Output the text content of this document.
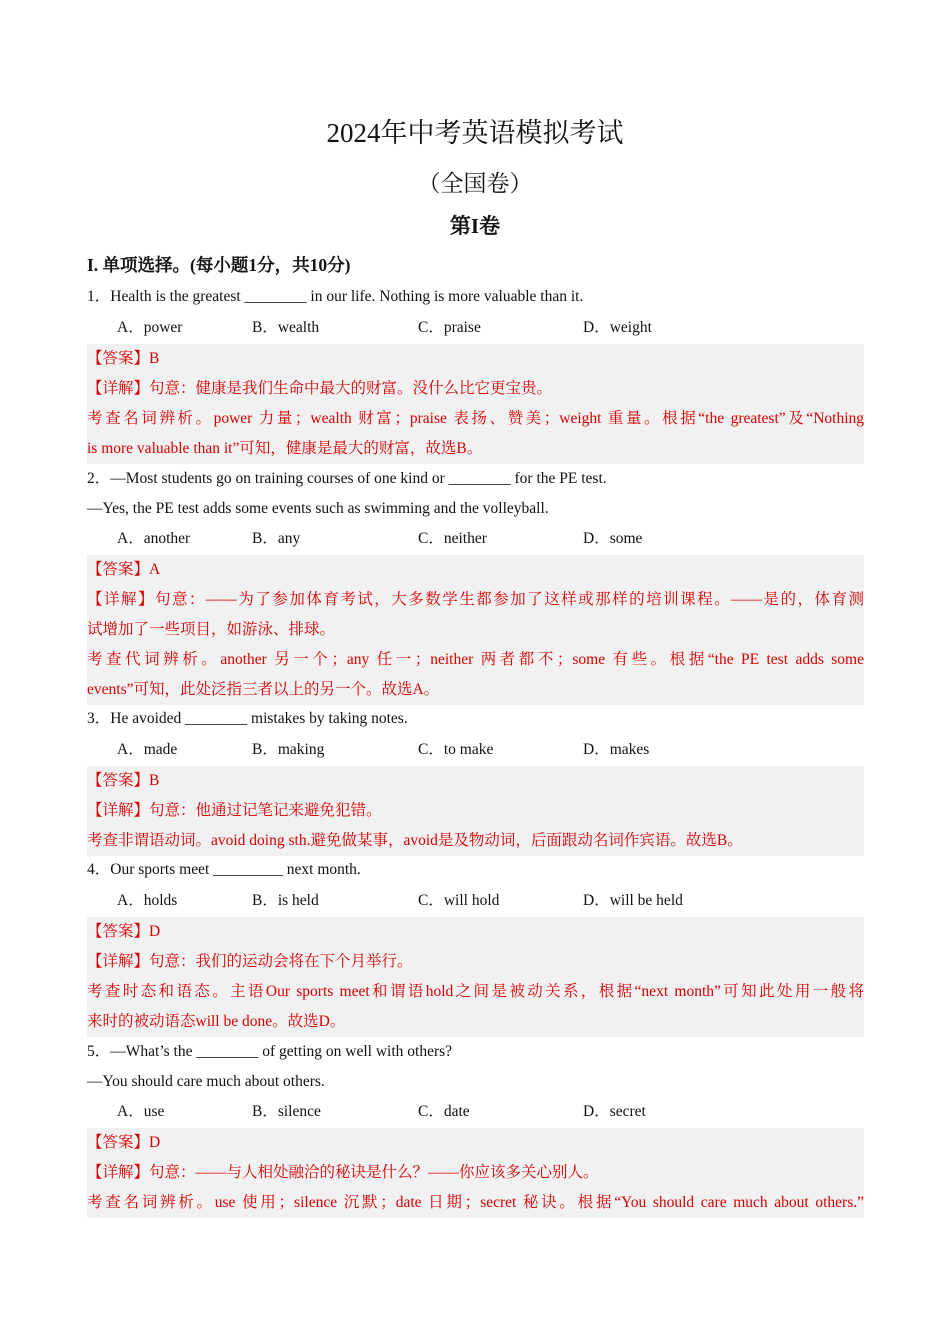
2024年中考英语模拟考试
（全国卷）
第I卷
I. 单项选择。(每小题1分，共10分)
1．Health is the greatest ________ in our life. Nothing is more valuable than it.
A．power	B．wealth	C．praise	D．weight
【答案】B
【详解】句意：健康是我们生命中最大的财富。没什么比它更宝贵。
考查名词辨析。power 力量；wealth 财富；praise 表扬、赞美；weight 重量。根据“the greatest”及“Nothing
is more valuable than it”可知，健康是最大的财富，故选B。
2．—Most students go on training courses of one kind or ________ for the PE test.
—Yes, the PE test adds some events such as swimming and the volleyball.
A．another	B．any	C．neither	D．some
【答案】A
【详解】句意：——为了参加体育考试，大多数学生都参加了这样或那样的培训课程。——是的，体育测
试增加了一些项目，如游泳、排球。
考查代词辨析。another 另一个；any 任一；neither 两者都不；some 有些。根据“the PE test adds some
events”可知，此处泛指三者以上的另一个。故选A。
3．He avoided ________ mistakes by taking notes.
A．made	B．making	C．to make	D．makes
【答案】B
【详解】句意：他通过记笔记来避免犯错。
考查非谓语动词。avoid doing sth.避免做某事，avoid是及物动词，后面跟动名词作宾语。故选B。
4．Our sports meet _________ next month.
A．holds	B．is held	C．will hold	D．will be held
【答案】D
【详解】句意：我们的运动会将在下个月举行。
考查时态和语态。主语Our sports meet和谓语hold之间是被动关系，根据“next month”可知此处用一般将
来时的被动语态will be done。故选D。
5．—What’s the ________ of getting on well with others?
—You should care much about others.
A．use	B．silence	C．date	D．secret
【答案】D
【详解】句意：——与人相处融洽的秘诀是什么？——你应该多关心别人。
考查名词辨析。use 使用；silence 沉默；date 日期；secret 秘诀。根据“You should care much about others.”
